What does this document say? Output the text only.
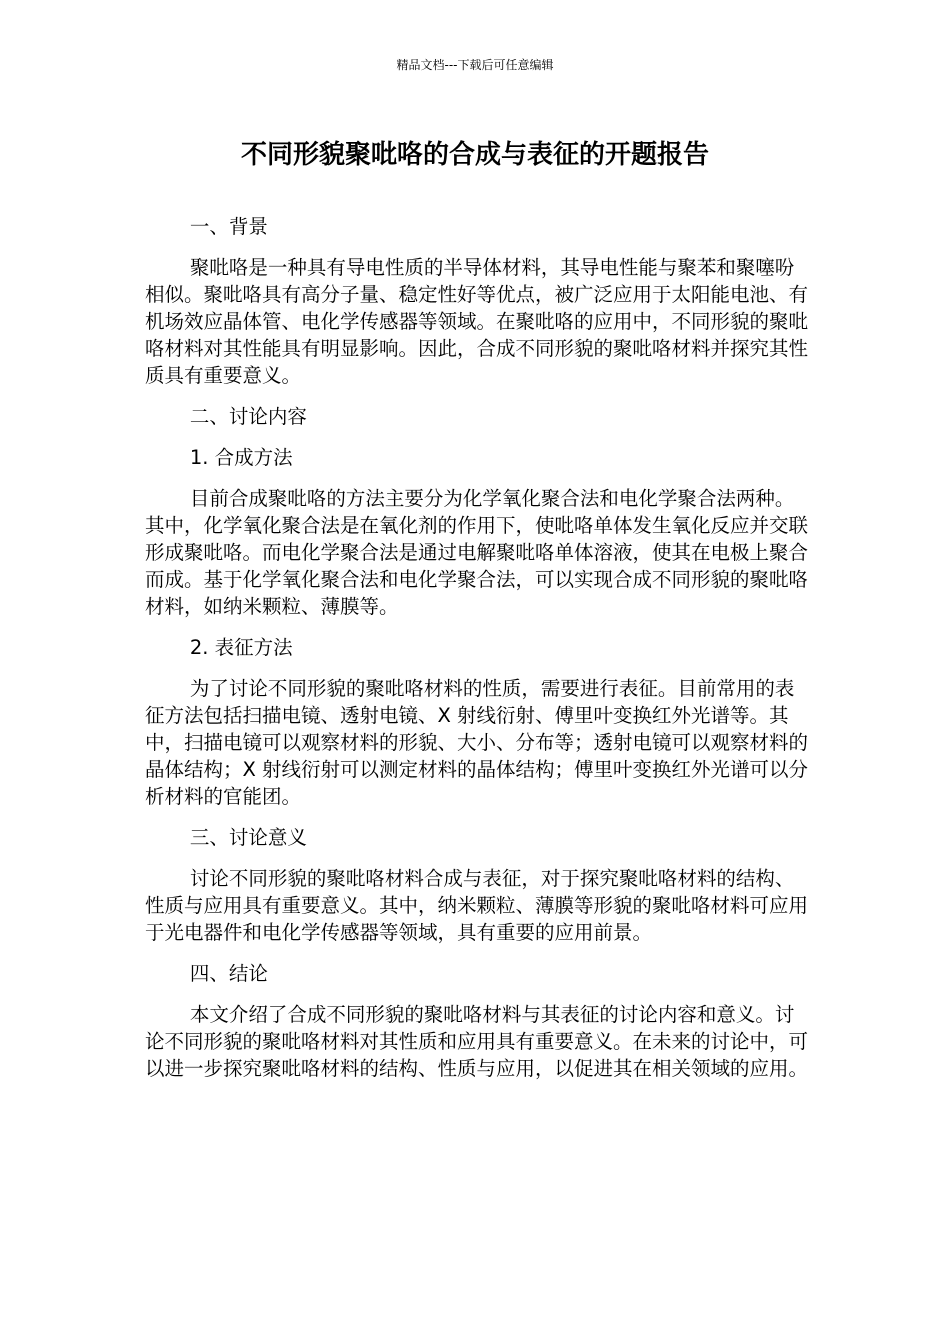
精品文档---下载后可任意编辑
不同形貌聚吡咯的合成与表征的开题报告

一、背景

聚吡咯是一种具有导电性质的半导体材料，其导电性能与聚苯和聚噻吩相似。聚吡咯具有高分子量、稳定性好等优点，被广泛应用于太阳能电池、有机场效应晶体管、电化学传感器等领域。在聚吡咯的应用中，不同形貌的聚吡咯材料对其性能具有明显影响。因此，合成不同形貌的聚吡咯材料并探究其性质具有重要意义。

二、讨论内容

1. 合成方法

目前合成聚吡咯的方法主要分为化学氧化聚合法和电化学聚合法两种。其中，化学氧化聚合法是在氧化剂的作用下，使吡咯单体发生氧化反应并交联形成聚吡咯。而电化学聚合法是通过电解聚吡咯单体溶液，使其在电极上聚合而成。基于化学氧化聚合法和电化学聚合法，可以实现合成不同形貌的聚吡咯材料，如纳米颗粒、薄膜等。

2. 表征方法

为了讨论不同形貌的聚吡咯材料的性质，需要进行表征。目前常用的表征方法包括扫描电镜、透射电镜、X 射线衍射、傅里叶变换红外光谱等。其中，扫描电镜可以观察材料的形貌、大小、分布等；透射电镜可以观察材料的晶体结构；X 射线衍射可以测定材料的晶体结构；傅里叶变换红外光谱可以分析材料的官能团。

三、讨论意义

讨论不同形貌的聚吡咯材料合成与表征，对于探究聚吡咯材料的结构、性质与应用具有重要意义。其中，纳米颗粒、薄膜等形貌的聚吡咯材料可应用于光电器件和电化学传感器等领域，具有重要的应用前景。

四、结论

本文介绍了合成不同形貌的聚吡咯材料与其表征的讨论内容和意义。讨论不同形貌的聚吡咯材料对其性质和应用具有重要意义。在未来的讨论中，可以进一步探究聚吡咯材料的结构、性质与应用，以促进其在相关领域的应用。
